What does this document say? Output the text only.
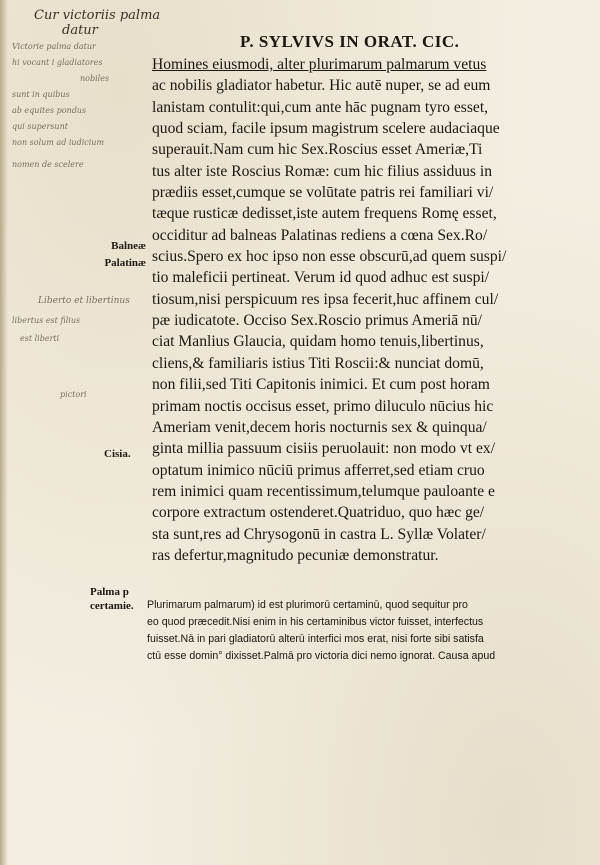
Cur victoriis palma
datur
P. SYLVIVS IN ORAT. CIC.
Victorie palma datur
hi vocant i gladiatores
nobiles
sunt in quibus
ab equites pondus
qui supersunt
non solum ad iudicium
nomen de scelere
Liberto et libertinus
libertus est filius
est liberti
pictori
Balneæ
Palatinæ
Cisia.
Homines eiusmodi, alter plurimarum palmarum vetus
ac nobilis gladiator habetur. Hic autē nuper, se ad eum
lanistam contulit:qui,cum ante hāc pugnam tyro esset,
quod sciam, facile ipsum magistrum scelere audaciaque
superauit.Nam cum hic Sex.Roscius esset Ameriæ,Ti
tus alter iste Roscius Romæ: cum hic filius assiduus in
prædiis esset,cumque se volūtate patris rei familiari vi/
tæque rusticæ dedisset,iste autem frequens Romę esset,
occiditur ad balneas Palatinas rediens a cœna Sex.Ro/
scius.Spero ex hoc ipso non esse obscurū,ad quem suspi/
tio maleficii pertineat. Verum id quod adhuc est suspi/
tiosum,nisi perspicuum res ipsa fecerit,huc affinem cul/
pæ iudicatote. Occiso Sex.Roscio primus Ameriā nū/
ciat Manlius Glaucia, quidam homo tenuis,libertinus,
cliens,& familiaris istius Titi Roscii:& nunciat domū,
non filii,sed Titi Capitonis inimici. Et cum post horam
primam noctis occisus esset, primo diluculo nūcius hic
Ameriam venit,decem horis nocturnis sex & quinqua/
ginta millia passuum cisiis peruolauit: non modo vt ex/
optatum inimico nūciū primus afferret,sed etiam cruo
rem inimici quam recentissimum,telumque pauloante e
corpore extractum ostenderet.Quatriduo, quo hæc ge/
sta sunt,res ad Chrysogonū in castra L. Syllæ Volater/
ras defertur,magnitudo pecuniæ demonstratur.
Palma p
certamie.	Plurimarum palmarum) id est plurimorū certaminū, quod sequitur pro
eo quod præcedit.Nisi enim in his certaminibus victor fuisset, interfectus
fuisset.Nā in pari gladiatorū alterū interfici mos erat, nisi forte sibi satisfa
ctū esse domin° dixisset.Palmā pro victoria dici nemo ignorat. Causa apud
